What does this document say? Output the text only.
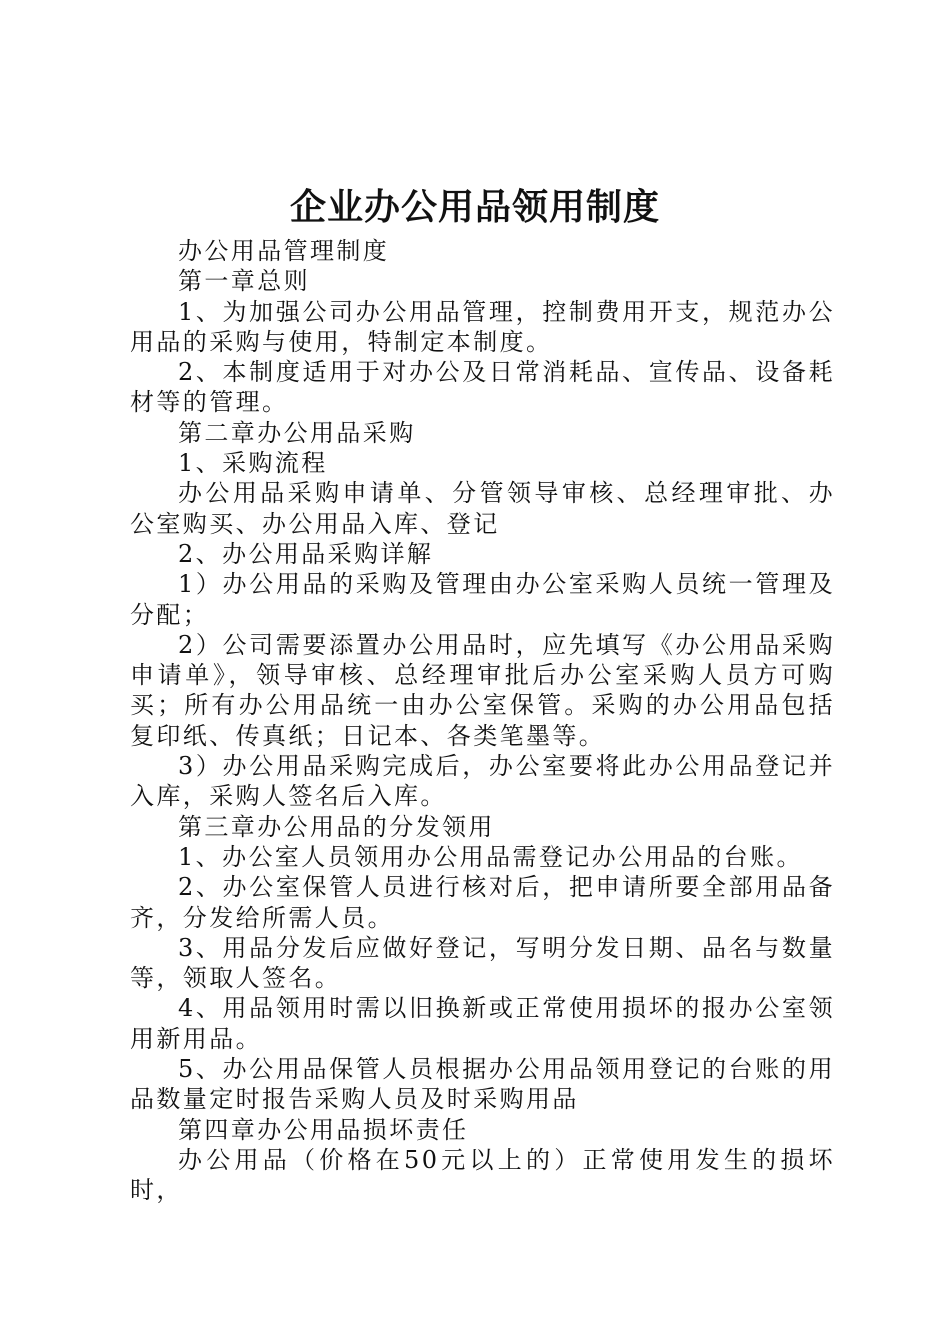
企业办公用品领用制度

办公用品管理制度

第一章总则

1、为加强公司办公用品管理，控制费用开支，规范办公用品的采购与使用，特制定本制度。

2、本制度适用于对办公及日常消耗品、宣传品、设备耗材等的管理。

第二章办公用品采购

1、采购流程

办公用品采购申请单、分管领导审核、总经理审批、办公室购买、办公用品入库、登记

2、办公用品采购详解

1）办公用品的采购及管理由办公室采购人员统一管理及分配；

2）公司需要添置办公用品时，应先填写《办公用品采购申请单》，领导审核、总经理审批后办公室采购人员方可购买；所有办公用品统一由办公室保管。采购的办公用品包括复印纸、传真纸；日记本、各类笔墨等。

3）办公用品采购完成后，办公室要将此办公用品登记并入库，采购人签名后入库。

第三章办公用品的分发领用

1、办公室人员领用办公用品需登记办公用品的台账。

2、办公室保管人员进行核对后，把申请所要全部用品备齐，分发给所需人员。

3、用品分发后应做好登记，写明分发日期、品名与数量等，领取人签名。

4、用品领用时需以旧换新或正常使用损坏的报办公室领用新用品。

5、办公用品保管人员根据办公用品领用登记的台账的用品数量定时报告采购人员及时采购用品

第四章办公用品损坏责任

办公用品（价格在50元以上的）正常使用发生的损坏时，
